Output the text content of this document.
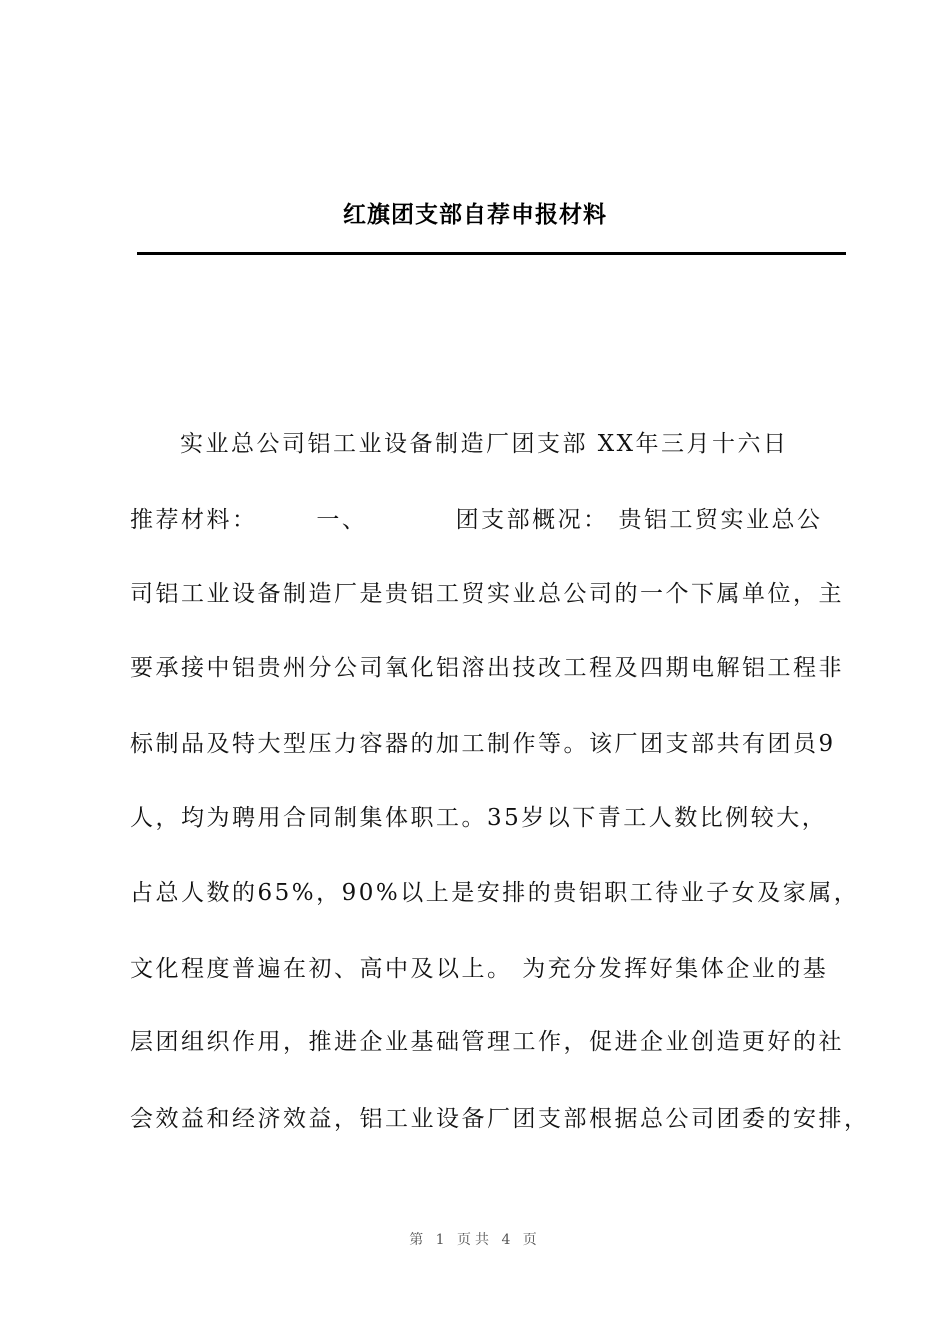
红旗团支部自荐申报材料
实业总公司铝工业设备制造厂团支部 XX年三月十六日
推荐材料：      一、         团支部概况： 贵铝工贸实业总公
司铝工业设备制造厂是贵铝工贸实业总公司的一个下属单位，主
要承接中铝贵州分公司氧化铝溶出技改工程及四期电解铝工程非
标制品及特大型压力容器的加工制作等。该厂团支部共有团员9
人，均为聘用合同制集体职工。35岁以下青工人数比例较大，
占总人数的65%，90%以上是安排的贵铝职工待业子女及家属，
文化程度普遍在初、高中及以上。 为充分发挥好集体企业的基
层团组织作用，推进企业基础管理工作，促进企业创造更好的社
会效益和经济效益，铝工业设备厂团支部根据总公司团委的安排，
第 1 页共 4 页
